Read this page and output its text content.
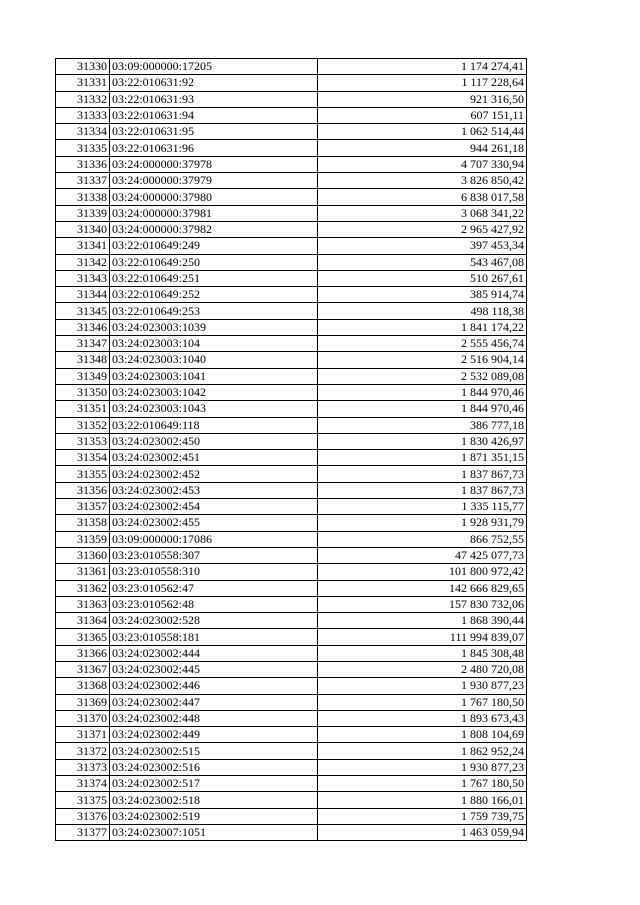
31330	03:09:000000:17205	1 174 274,41
31331	03:22:010631:92	1 117 228,64
31332	03:22:010631:93	921 316,50
31333	03:22:010631:94	607 151,11
31334	03:22:010631:95	1 062 514,44
31335	03:22:010631:96	944 261,18
31336	03:24:000000:37978	4 707 330,94
31337	03:24:000000:37979	3 826 850,42
31338	03:24:000000:37980	6 838 017,58
31339	03:24:000000:37981	3 068 341,22
31340	03:24:000000:37982	2 965 427,92
31341	03:22:010649:249	397 453,34
31342	03:22:010649:250	543 467,08
31343	03:22:010649:251	510 267,61
31344	03:22:010649:252	385 914,74
31345	03:22:010649:253	498 118,38
31346	03:24:023003:1039	1 841 174,22
31347	03:24:023003:104	2 555 456,74
31348	03:24:023003:1040	2 516 904,14
31349	03:24:023003:1041	2 532 089,08
31350	03:24:023003:1042	1 844 970,46
31351	03:24:023003:1043	1 844 970,46
31352	03:22:010649:118	386 777,18
31353	03:24:023002:450	1 830 426,97
31354	03:24:023002:451	1 871 351,15
31355	03:24:023002:452	1 837 867,73
31356	03:24:023002:453	1 837 867,73
31357	03:24:023002:454	1 335 115,77
31358	03:24:023002:455	1 928 931,79
31359	03:09:000000:17086	866 752,55
31360	03:23:010558:307	47 425 077,73
31361	03:23:010558:310	101 800 972,42
31362	03:23:010562:47	142 666 829,65
31363	03:23:010562:48	157 830 732,06
31364	03:24:023002:528	1 868 390,44
31365	03:23:010558:181	111 994 839,07
31366	03:24:023002:444	1 845 308,48
31367	03:24:023002:445	2 480 720,08
31368	03:24:023002:446	1 930 877,23
31369	03:24:023002:447	1 767 180,50
31370	03:24:023002:448	1 893 673,43
31371	03:24:023002:449	1 808 104,69
31372	03:24:023002:515	1 862 952,24
31373	03:24:023002:516	1 930 877,23
31374	03:24:023002:517	1 767 180,50
31375	03:24:023002:518	1 880 166,01
31376	03:24:023002:519	1 759 739,75
31377	03:24:023007:1051	1 463 059,94
